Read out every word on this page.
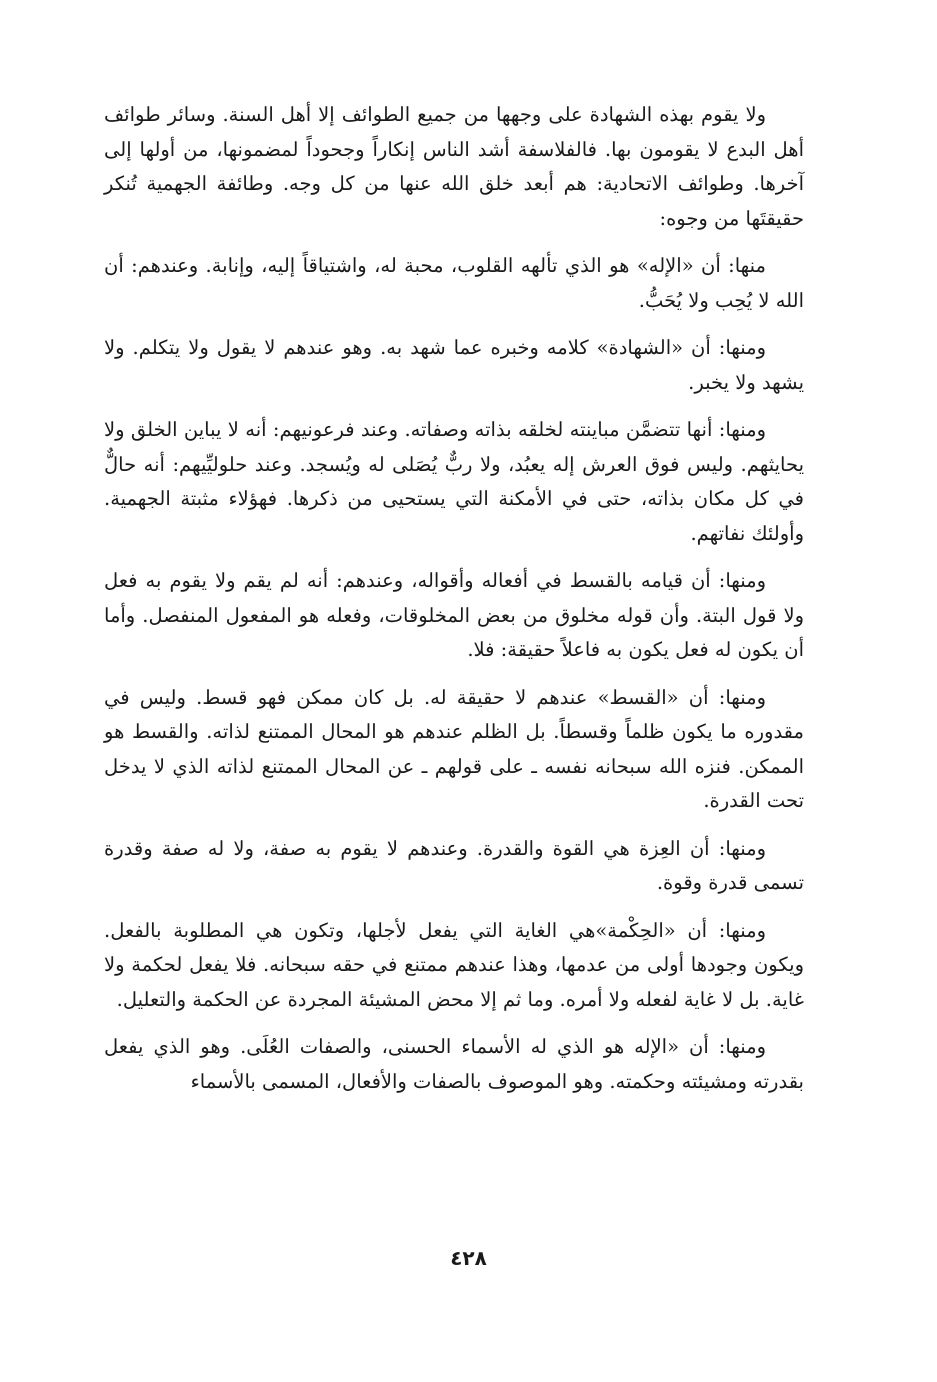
ولا يقوم بهذه الشهادة على وجهها من جميع الطوائف إلا أهل السنة. وسائر طوائف أهل البدع لا يقومون بها. فالفلاسفة أشد الناس إنكاراً وجحوداً لمضمونها، من أولها إلى آخرها. وطوائف الاتحادية: هم أبعد خلق الله عنها من كل وجه. وطائفة الجهمية تُنكر حقيقتَها من وجوه:

منها: أن «الإله» هو الذي تألهه القلوب، محبة له، واشتياقاً إليه، وإنابة. وعندهم: أن الله لا يُحِب ولا يُحَبُّ.

ومنها: أن «الشهادة» كلامه وخبره عما شهد به. وهو عندهم لا يقول ولا يتكلم. ولا يشهد ولا يخبر.

ومنها: أنها تتضمَّن مباينته لخلقه بذاته وصفاته. وعند فرعونيهم: أنه لا يباين الخلق ولا يحايثهم. وليس فوق العرش إله يعبُد، ولا ربٌّ يُصَلى له ويُسجد. وعند حلوليِّيهم: أنه حالٌّ في كل مكان بذاته، حتى في الأمكنة التي يستحيى من ذكرها. فهؤلاء مثبتة الجهمية. وأولئك نفاتهم.

ومنها: أن قيامه بالقسط في أفعاله وأقواله، وعندهم: أنه لم يقم ولا يقوم به فعل ولا قول البتة. وأن قوله مخلوق من بعض المخلوقات، وفعله هو المفعول المنفصل. وأما أن يكون له فعل يكون به فاعلاً حقيقة: فلا.

ومنها: أن «القسط» عندهم لا حقيقة له. بل كان ممكن فهو قسط. وليس في مقدوره ما يكون ظلماً وقسطاً. بل الظلم عندهم هو المحال الممتنع لذاته. والقسط هو الممكن. فنزه الله سبحانه نفسه ـ على قولهم ـ عن المحال الممتنع لذاته الذي لا يدخل تحت القدرة.

ومنها: أن العِزة هي القوة والقدرة. وعندهم لا يقوم به صفة، ولا له صفة وقدرة تسمى قدرة وقوة.

ومنها: أن «الحِكْمة»هي الغاية التي يفعل لأجلها، وتكون هي المطلوبة بالفعل. ويكون وجودها أولى من عدمها، وهذا عندهم ممتنع في حقه سبحانه. فلا يفعل لحكمة ولا غاية. بل لا غاية لفعله ولا أمره. وما ثم إلا محض المشيئة المجردة عن الحكمة والتعليل.

ومنها: أن «الإله هو الذي له الأسماء الحسنى، والصفات العُلَى. وهو الذي يفعل بقدرته ومشيئته وحكمته. وهو الموصوف بالصفات والأفعال، المسمى بالأسماء

٤٢٨
